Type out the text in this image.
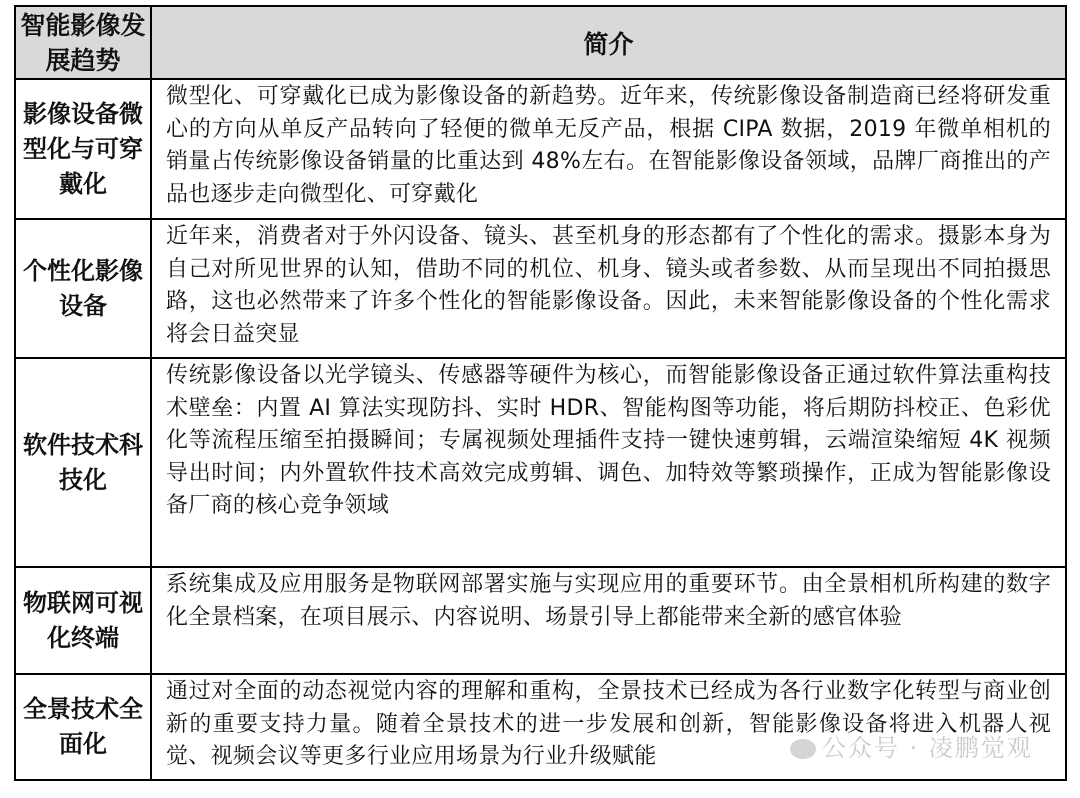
智能影像发展趋势	简介
影像设备微型化与可穿戴化	微型化、可穿戴化已成为影像设备的新趋势。近年来，传统影像设备制造商已经将研发重心的方向从单反产品转向了轻便的微单无反产品，根据 CIPA 数据，2019 年微单相机的销量占传统影像设备销量的比重达到 48%左右。在智能影像设备领域，品牌厂商推出的产品也逐步走向微型化、可穿戴化
个性化影像设备	近年来，消费者对于外闪设备、镜头、甚至机身的形态都有了个性化的需求。摄影本身为自己对所见世界的认知，借助不同的机位、机身、镜头或者参数、从而呈现出不同拍摄思路，这也必然带来了许多个性化的智能影像设备。因此，未来智能影像设备的个性化需求将会日益突显
软件技术科技化	传统影像设备以光学镜头、传感器等硬件为核心，而智能影像设备正通过软件算法重构技术壁垒：内置 AI 算法实现防抖、实时 HDR、智能构图等功能，将后期防抖校正、色彩优化等流程压缩至拍摄瞬间；专属视频处理插件支持一键快速剪辑，云端渲染缩短 4K 视频导出时间；内外置软件技术高效完成剪辑、调色、加特效等繁琐操作，正成为智能影像设备厂商的核心竞争领域
物联网可视化终端	系统集成及应用服务是物联网部署实施与实现应用的重要环节。由全景相机所构建的数字化全景档案，在项目展示、内容说明、场景引导上都能带来全新的感官体验
全景技术全面化	通过对全面的动态视觉内容的理解和重构，全景技术已经成为各行业数字化转型与商业创新的重要支持力量。随着全景技术的进一步发展和创新，智能影像设备将进入机器人视觉、视频会议等更多行业应用场景为行业升级赋能	公众号 · 凌鹏觉观
